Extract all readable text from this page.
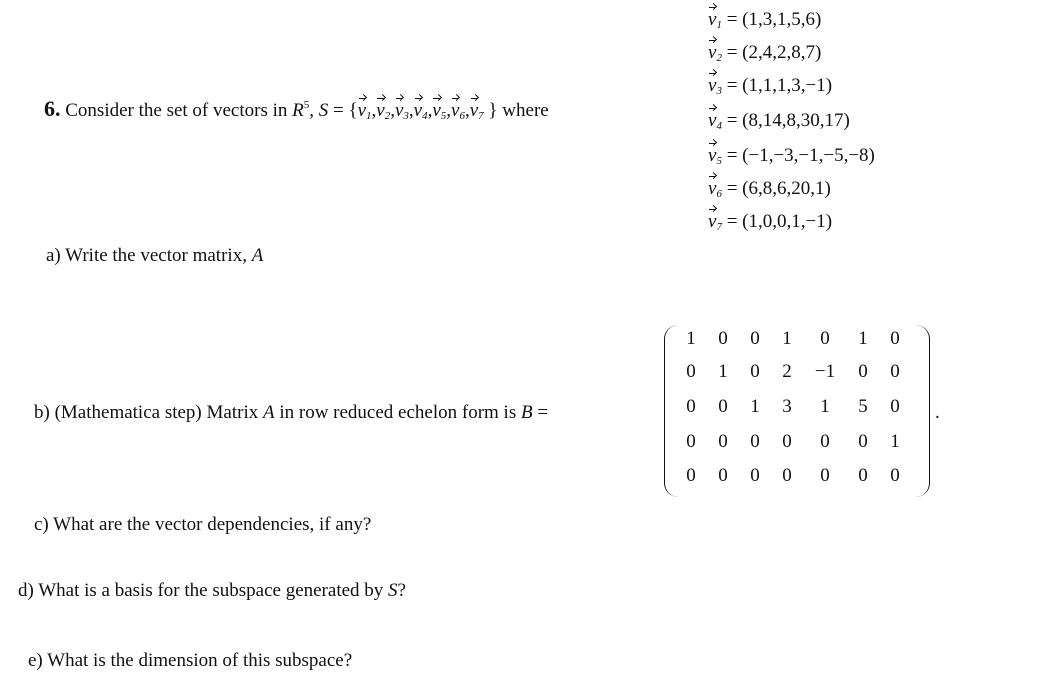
$v_1 = (1,3,1,5,6)$
$v_2 = (2,4,2,8,7)$
$v_3 = (1,1,1,3,-1)$
$v_4 = (8,14,8,30,17)$
$v_5 = (-1,-3,-1,-5,-8)$
$v_6 = (6,8,6,20,1)$
$v_7 = (1,0,0,1,-1)$
6. Consider the set of vectors in $R^5$, $S = \{v_1,v_2,v_3,v_4,v_5,v_6,v_7$ } where
a) Write the vector matrix, A
b) (Mathematica step) Matrix A in row reduced echelon form is B =
1	0	0	1	0	1	0
0	1	0	2	−1	0	0
0	0	1	3	1	5	0
0	0	0	0	0	0	1
0	0	0	0	0	0	0
.
c) What are the vector dependencies, if any?
d) What is a basis for the subspace generated by S?
e) What is the dimension of this subspace?
